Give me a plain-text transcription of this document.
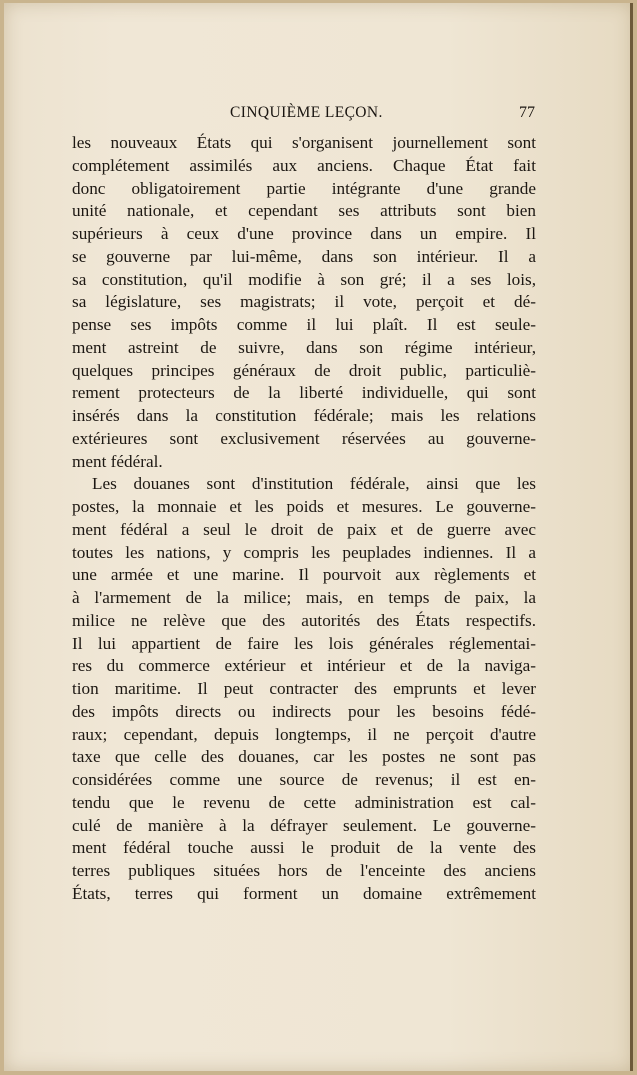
CINQUIÈME LEÇON.	77
les nouveaux États qui s'organisent journellement sont
complétement assimilés aux anciens. Chaque État fait
donc obligatoirement partie intégrante d'une grande
unité nationale, et cependant ses attributs sont bien
supérieurs à ceux d'une province dans un empire. Il
se gouverne par lui-même, dans son intérieur. Il a
sa constitution, qu'il modifie à son gré; il a ses lois,
sa législature, ses magistrats; il vote, perçoit et dé-
pense ses impôts comme il lui plaît. Il est seule-
ment astreint de suivre, dans son régime intérieur,
quelques principes généraux de droit public, particuliè-
rement protecteurs de la liberté individuelle, qui sont
insérés dans la constitution fédérale; mais les relations
extérieures sont exclusivement réservées au gouverne-
ment fédéral.
Les douanes sont d'institution fédérale, ainsi que les
postes, la monnaie et les poids et mesures. Le gouverne-
ment fédéral a seul le droit de paix et de guerre avec
toutes les nations, y compris les peuplades indiennes. Il a
une armée et une marine. Il pourvoit aux règlements et
à l'armement de la milice; mais, en temps de paix, la
milice ne relève que des autorités des États respectifs.
Il lui appartient de faire les lois générales réglementai-
res du commerce extérieur et intérieur et de la naviga-
tion maritime. Il peut contracter des emprunts et lever
des impôts directs ou indirects pour les besoins fédé-
raux; cependant, depuis longtemps, il ne perçoit d'autre
taxe que celle des douanes, car les postes ne sont pas
considérées comme une source de revenus; il est en-
tendu que le revenu de cette administration est cal-
culé de manière à la défrayer seulement. Le gouverne-
ment fédéral touche aussi le produit de la vente des
terres publiques situées hors de l'enceinte des anciens
États, terres qui forment un domaine extrêmement
